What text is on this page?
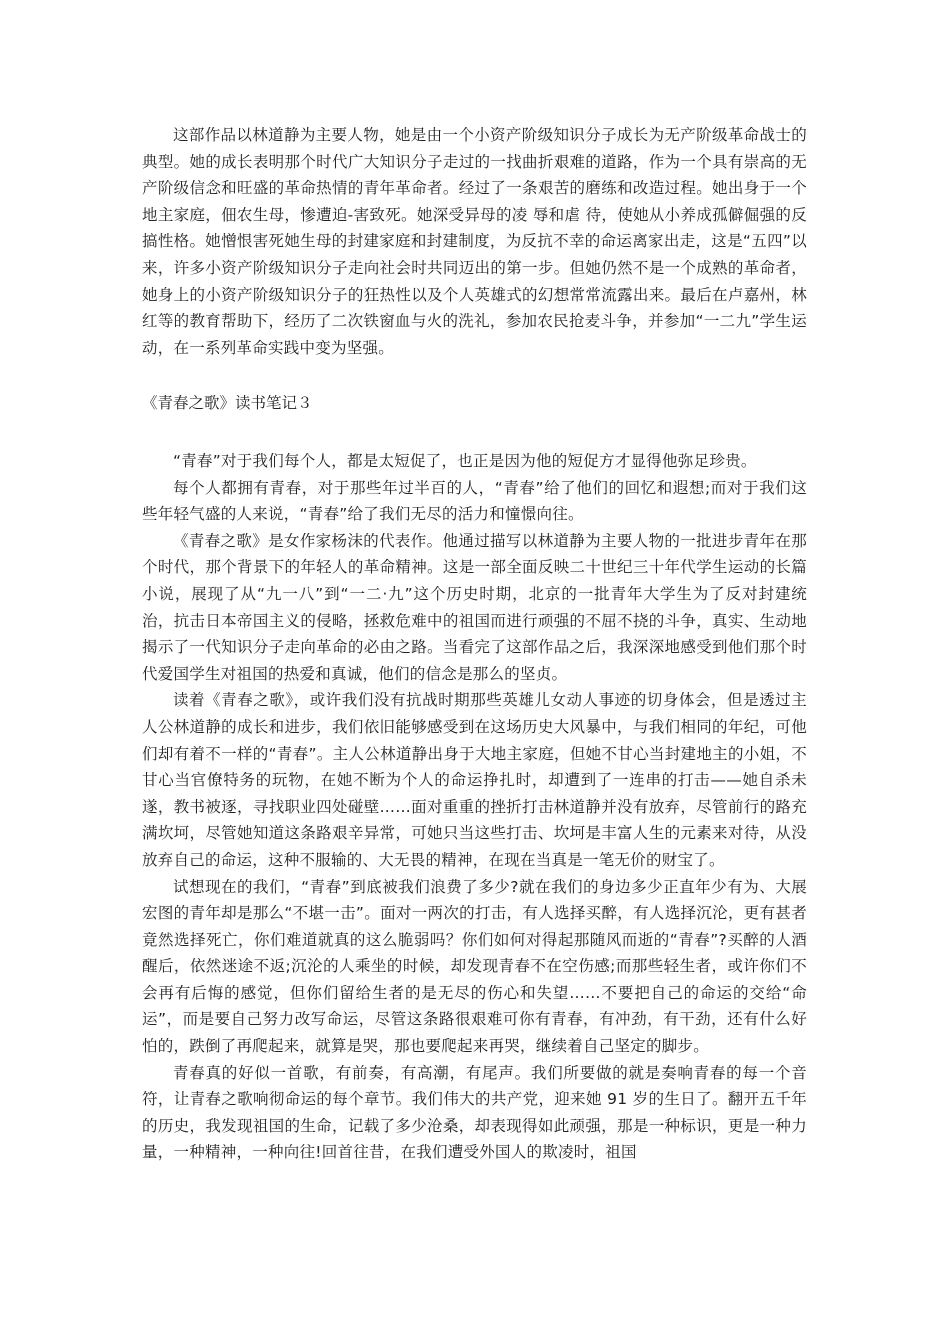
这部作品以林道静为主要人物，她是由一个小资产阶级知识分子成长为无产阶级革命战士的典型。她的成长表明那个时代广大知识分子走过的一找曲折艰难的道路，作为一个具有崇高的无产阶级信念和旺盛的革命热情的青年革命者。经过了一条艰苦的磨练和改造过程。她出身于一个地主家庭，佃农生母，惨遭迫-害致死。她深受异母的凌 辱和虐 待，使她从小养成孤僻倔强的反搞性格。她憎恨害死她生母的封建家庭和封建制度，为反抗不幸的命运离家出走，这是“五四”以来，许多小资产阶级知识分子走向社会时共同迈出的第一步。但她仍然不是一个成熟的革命者，她身上的小资产阶级知识分子的狂热性以及个人英雄式的幻想常常流露出来。最后在卢嘉州，林红等的教育帮助下，经历了二次铁窗血与火的洗礼，参加农民抢麦斗争，并参加“一二九”学生运动，在一系列革命实践中变为坚强。

《青春之歌》读书笔记３

“青春”对于我们每个人，都是太短促了，也正是因为他的短促方才显得他弥足珍贵。

每个人都拥有青春，对于那些年过半百的人，“青春”给了他们的回忆和遐想;而对于我们这些年轻气盛的人来说，“青春”给了我们无尽的活力和憧憬向往。

《青春之歌》是女作家杨沫的代表作。他通过描写以林道静为主要人物的一批进步青年在那个时代，那个背景下的年轻人的革命精神。这是一部全面反映二十世纪三十年代学生运动的长篇小说，展现了从“九一八”到“一二·九”这个历史时期，北京的一批青年大学生为了反对封建统治，抗击日本帝国主义的侵略，拯救危难中的祖国而进行顽强的不屈不挠的斗争，真实、生动地揭示了一代知识分子走向革命的必由之路。当看完了这部作品之后，我深深地感受到他们那个时代爱国学生对祖国的热爱和真诚，他们的信念是那么的坚贞。

读着《青春之歌》，或许我们没有抗战时期那些英雄儿女动人事迹的切身体会，但是透过主人公林道静的成长和进步，我们依旧能够感受到在这场历史大风暴中，与我们相同的年纪，可他们却有着不一样的“青春”。主人公林道静出身于大地主家庭，但她不甘心当封建地主的小姐，不甘心当官僚特务的玩物，在她不断为个人的命运挣扎时，却遭到了一连串的打击——她自杀未遂，教书被逐，寻找职业四处碰壁……面对重重的挫折打击林道静并没有放弃，尽管前行的路充满坎坷，尽管她知道这条路艰辛异常，可她只当这些打击、坎坷是丰富人生的元素来对待，从没放弃自己的命运，这种不服输的、大无畏的精神，在现在当真是一笔无价的财宝了。

试想现在的我们，“青春”到底被我们浪费了多少?就在我们的身边多少正直年少有为、大展宏图的青年却是那么“不堪一击”。面对一两次的打击，有人选择买醉，有人选择沉沦，更有甚者竟然选择死亡，你们难道就真的这么脆弱吗？你们如何对得起那随风而逝的“青春”?买醉的人酒醒后，依然迷途不返;沉沦的人乘坐的时候，却发现青春不在空伤感;而那些轻生者，或许你们不会再有后悔的感觉，但你们留给生者的是无尽的伤心和失望……不要把自己的命运的交给“命运”，而是要自己努力改写命运，尽管这条路很艰难可你有青春，有冲劲，有干劲，还有什么好怕的，跌倒了再爬起来，就算是哭，那也要爬起来再哭，继续着自己坚定的脚步。

青春真的好似一首歌，有前奏，有高潮，有尾声。我们所要做的就是奏响青春的每一个音符，让青春之歌响彻命运的每个章节。我们伟大的共产党，迎来她 91 岁的生日了。翻开五千年的历史，我发现祖国的生命，记载了多少沧桑，却表现得如此顽强，那是一种标识，更是一种力量，一种精神，一种向往!回首往昔，在我们遭受外国人的欺凌时，祖国
